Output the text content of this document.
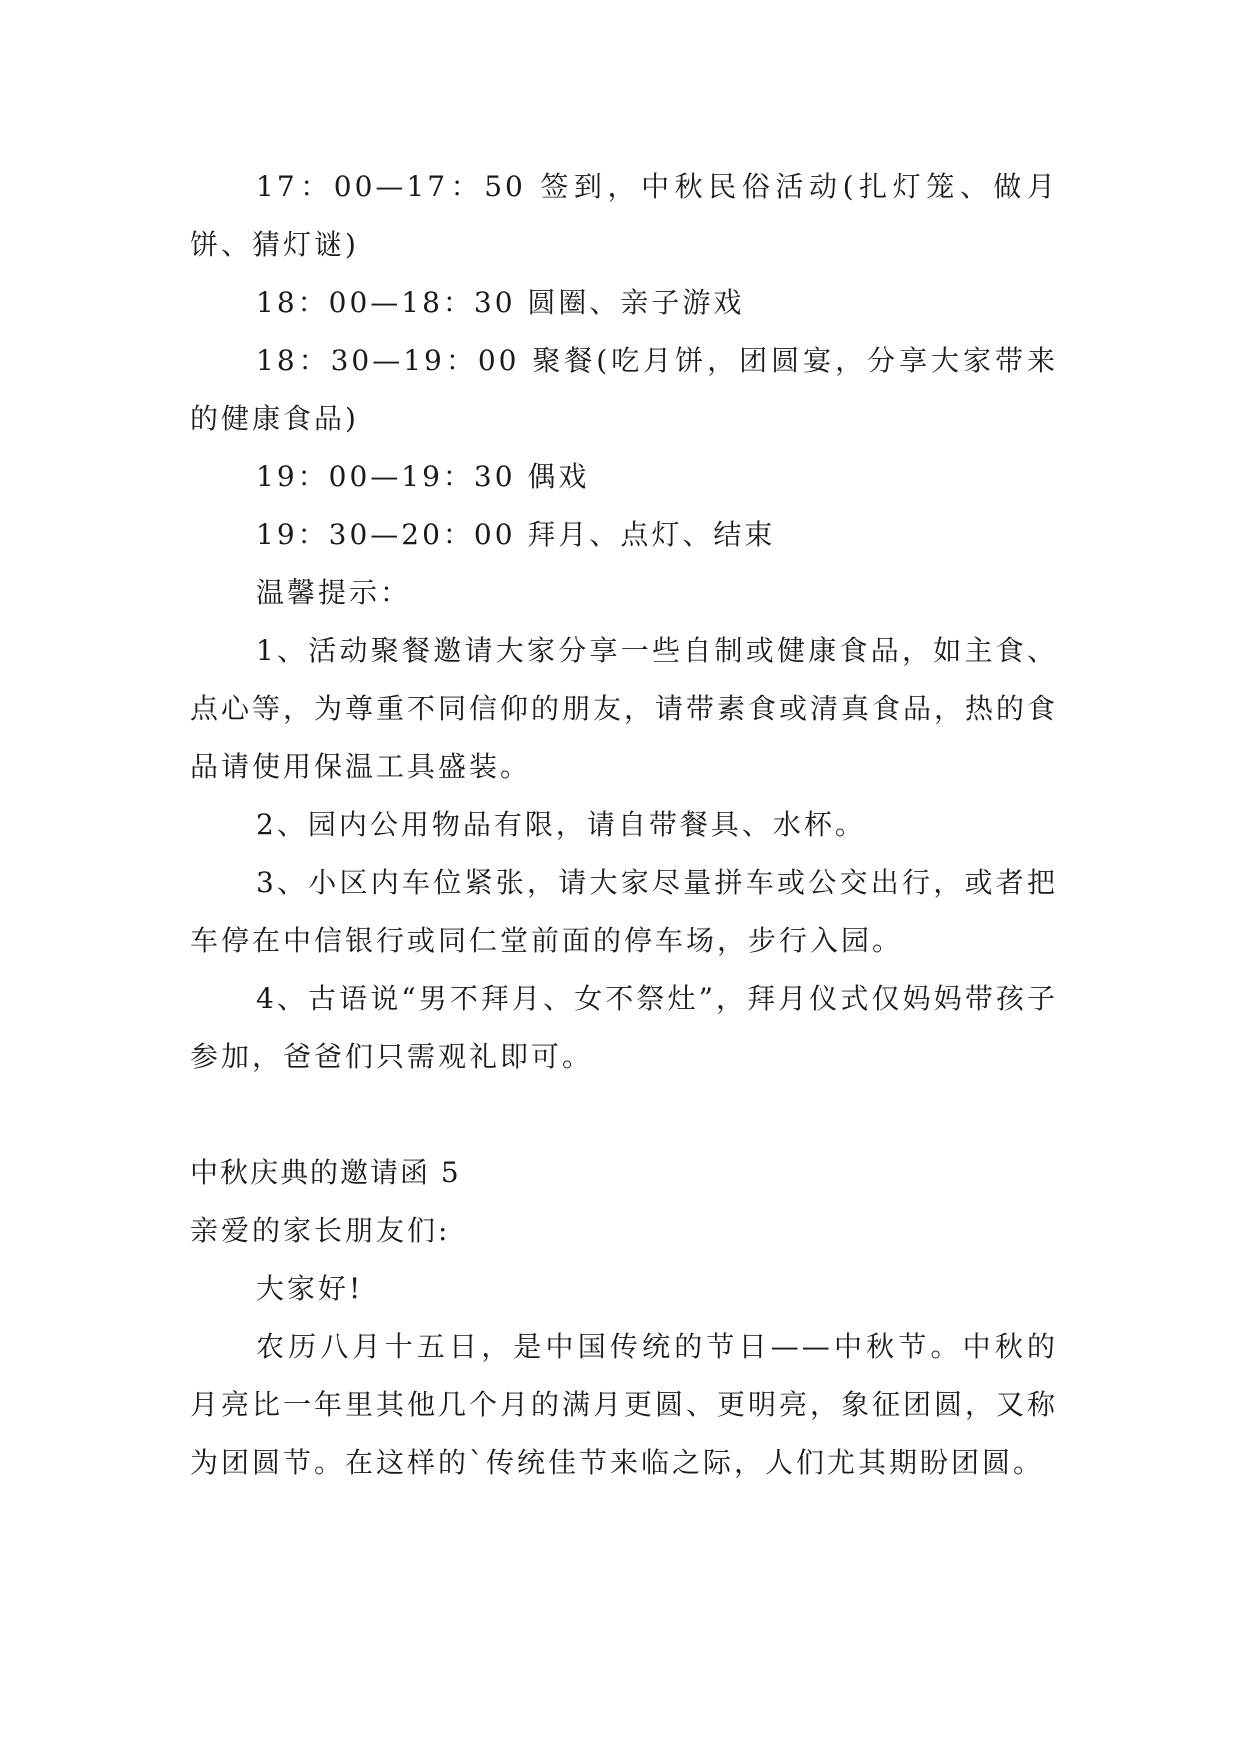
17：00—17：50 签到，中秋民俗活动(扎灯笼、做月饼、猜灯谜)

18：00—18：30 圆圈、亲子游戏

18：30—19：00 聚餐(吃月饼，团圆宴，分享大家带来的健康食品)

19：00—19：30 偶戏

19：30—20：00 拜月、点灯、结束

温馨提示：

1、活动聚餐邀请大家分享一些自制或健康食品，如主食、点心等，为尊重不同信仰的朋友，请带素食或清真食品，热的食品请使用保温工具盛装。

2、园内公用物品有限，请自带餐具、水杯。

3、小区内车位紧张，请大家尽量拼车或公交出行，或者把车停在中信银行或同仁堂前面的停车场，步行入园。

4、古语说“男不拜月、女不祭灶”，拜月仪式仅妈妈带孩子参加，爸爸们只需观礼即可。

中秋庆典的邀请函 5

亲爱的家长朋友们:

大家好!

农历八月十五日，是中国传统的节日——中秋节。中秋的月亮比一年里其他几个月的满月更圆、更明亮，象征团圆，又称为团圆节。在这样的`传统佳节来临之际，人们尤其期盼团圆。
